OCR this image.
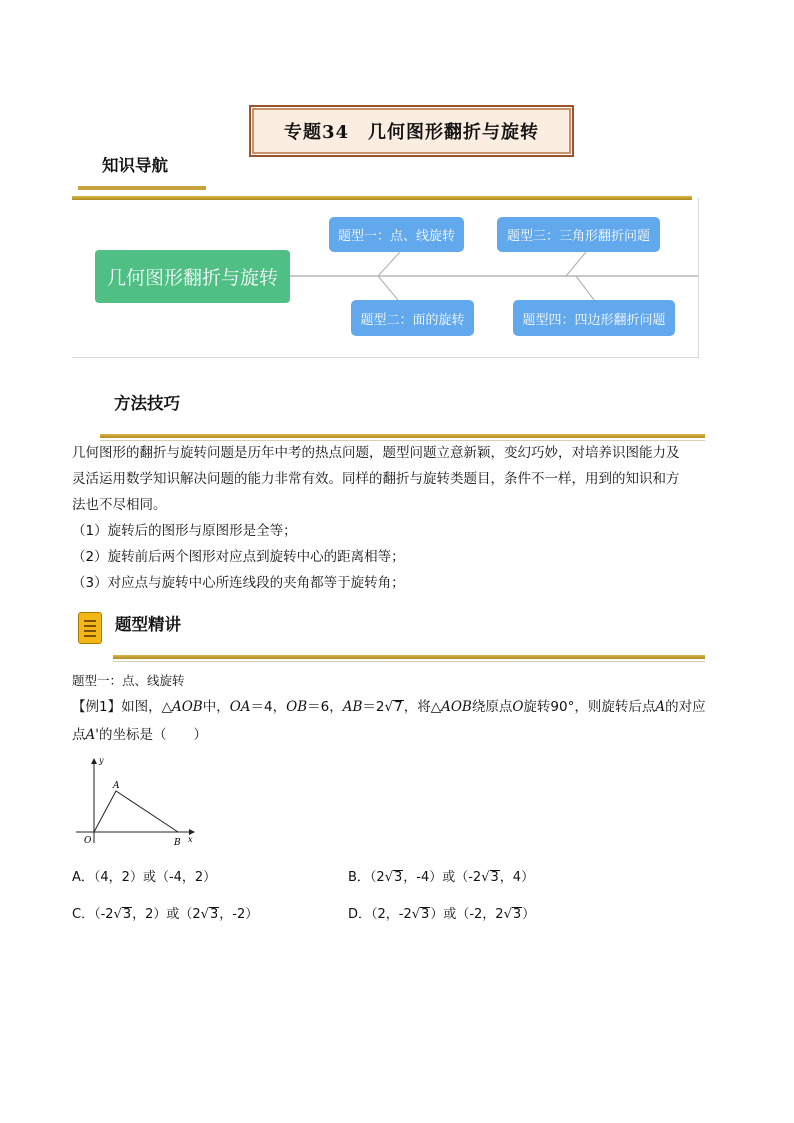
专题34　几何图形翻折与旋转
知识导航
几何图形翻折与旋转
题型一：点、线旋转
题型二：面的旋转
题型三：三角形翻折问题
题型四：四边形翻折问题
方法技巧
几何图形的翻折与旋转问题是历年中考的热点问题，题型问题立意新颖，变幻巧妙，对培养识图能力及
灵活运用数学知识解决问题的能力非常有效。同样的翻折与旋转类题目，条件不一样，用到的知识和方
法也不尽相同。
（1）旋转后的图形与原图形是全等；
（2）旋转前后两个图形对应点到旋转中心的距离相等；
（3）对应点与旋转中心所连线段的夹角都等于旋转角；
题型精讲
题型一：点、线旋转
【例1】如图，△AOB中，OA＝4，OB＝6，AB＝2√7，将△AOB绕原点O旋转90°，则旋转后点A的对应
点A'的坐标是（　　）
y
x
A
O	B
A．（4，2）或（-4，2）	B．（2√3，-4）或（-2√3，4）
C．（-2√3，2）或（2√3，-2）	D．（2，-2√3）或（-2，2√3）
